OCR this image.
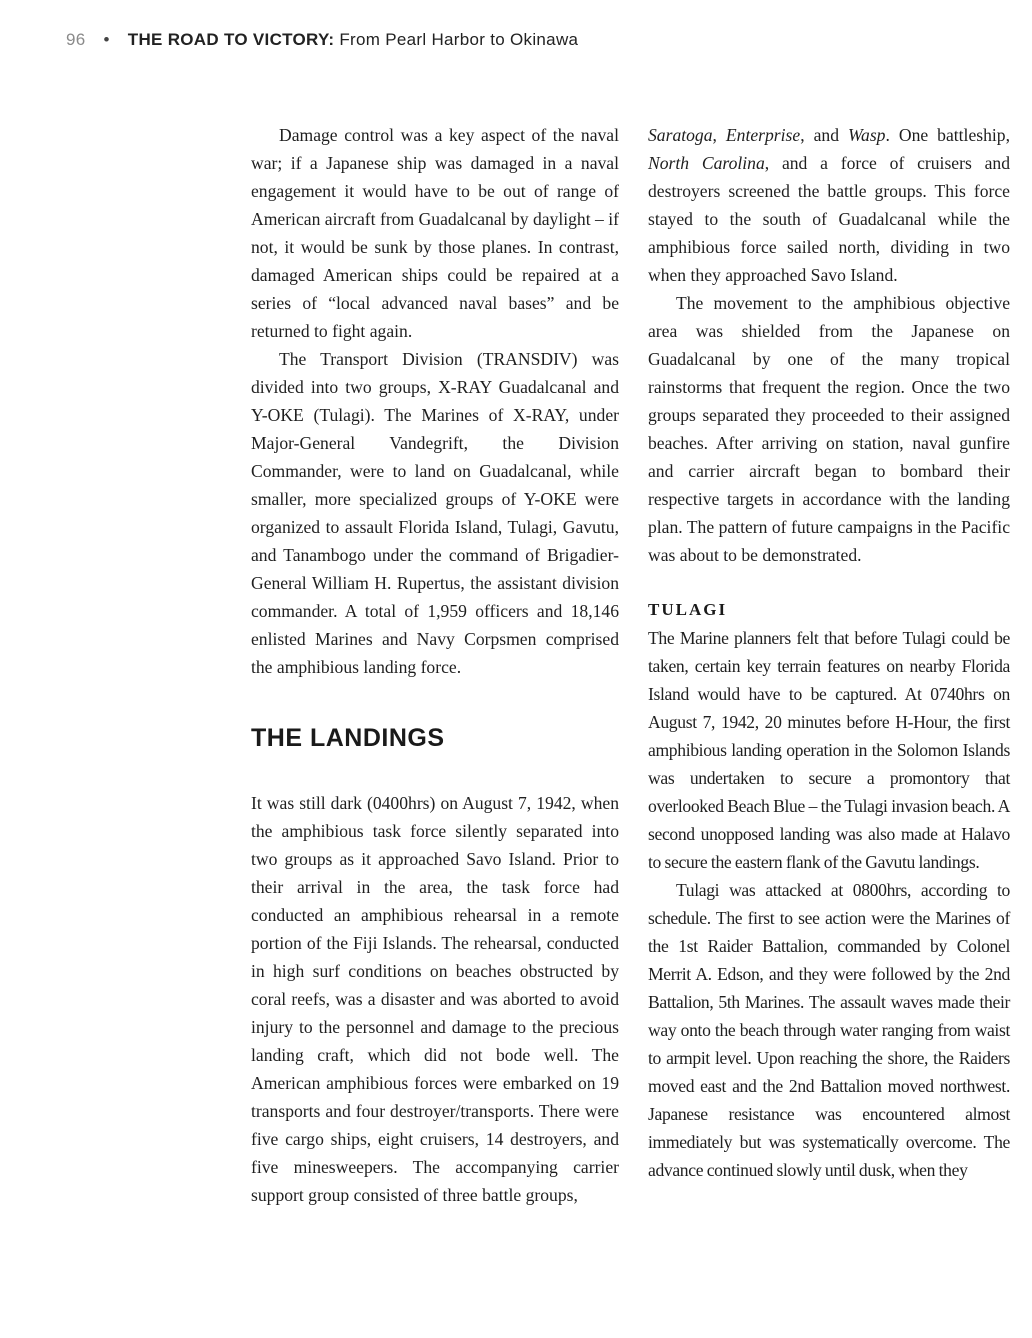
96 • THE ROAD TO VICTORY: From Pearl Harbor to Okinawa

Damage control was a key aspect of the naval war; if a Japanese ship was damaged in a naval engagement it would have to be out of range of American aircraft from Guadalcanal by daylight – if not, it would be sunk by those planes. In contrast, damaged American ships could be repaired at a series of “local advanced naval bases” and be returned to fight again.

The Transport Division (TRANSDIV) was divided into two groups, X-RAY Guadalcanal and Y-OKE (Tulagi). The Marines of X-RAY, under Major-General Vandegrift, the Division Commander, were to land on Guadalcanal, while smaller, more specialized groups of Y-OKE were organized to assault Florida Island, Tulagi, Gavutu, and Tanambogo under the command of Brigadier-General William H. Rupertus, the assistant division commander. A total of 1,959 officers and 18,146 enlisted Marines and Navy Corpsmen comprised the amphibious landing force.

THE LANDINGS

It was still dark (0400hrs) on August 7, 1942, when the amphibious task force silently separated into two groups as it approached Savo Island. Prior to their arrival in the area, the task force had conducted an amphibious rehearsal in a remote portion of the Fiji Islands. The rehearsal, conducted in high surf conditions on beaches obstructed by coral reefs, was a disaster and was aborted to avoid injury to the personnel and damage to the precious landing craft, which did not bode well. The American amphibious forces were embarked on 19 transports and four destroyer/transports. There were five cargo ships, eight cruisers, 14 destroyers, and five minesweepers. The accompanying carrier support group consisted of three battle groups,

Saratoga, Enterprise, and Wasp. One battleship, North Carolina, and a force of cruisers and destroyers screened the battle groups. This force stayed to the south of Guadalcanal while the amphibious force sailed north, dividing in two when they approached Savo Island.

The movement to the amphibious objective area was shielded from the Japanese on Guadalcanal by one of the many tropical rainstorms that frequent the region. Once the two groups separated they proceeded to their assigned beaches. After arriving on station, naval gunfire and carrier aircraft began to bombard their respective targets in accordance with the landing plan. The pattern of future campaigns in the Pacific was about to be demonstrated.

TULAGI

The Marine planners felt that before Tulagi could be taken, certain key terrain features on nearby Florida Island would have to be captured. At 0740hrs on August 7, 1942, 20 minutes before H-Hour, the first amphibious landing operation in the Solomon Islands was undertaken to secure a promontory that overlooked Beach Blue – the Tulagi invasion beach. A second unopposed landing was also made at Halavo to secure the eastern flank of the Gavutu landings.

Tulagi was attacked at 0800hrs, according to schedule. The first to see action were the Marines of the 1st Raider Battalion, commanded by Colonel Merrit A. Edson, and they were followed by the 2nd Battalion, 5th Marines. The assault waves made their way onto the beach through water ranging from waist to armpit level. Upon reaching the shore, the Raiders moved east and the 2nd Battalion moved northwest. Japanese resistance was encountered almost immediately but was systematically overcome. The advance continued slowly until dusk, when they
